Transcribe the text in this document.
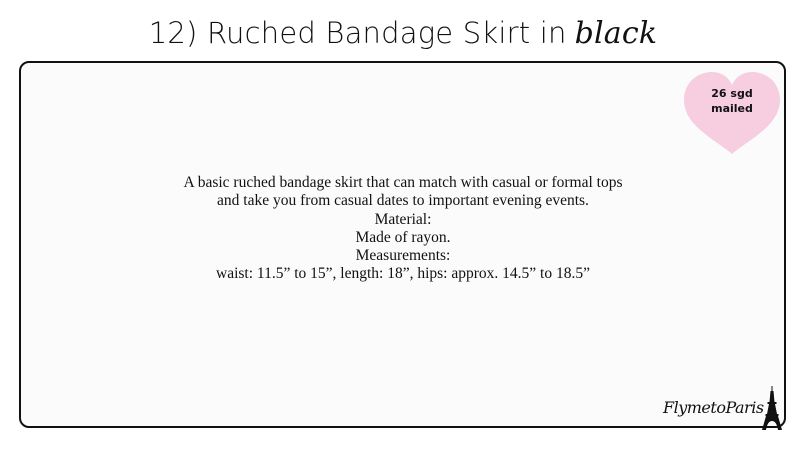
12) Ruched Bandage Skirt in black
26 sgd
mailed
A basic ruched bandage skirt that can match with casual or formal tops
and take you from casual dates to important evening events.
Material:
Made of rayon.
Measurements:
waist: 11.5” to 15”, length: 18”, hips: approx. 14.5” to 18.5”
FlymetoParis
